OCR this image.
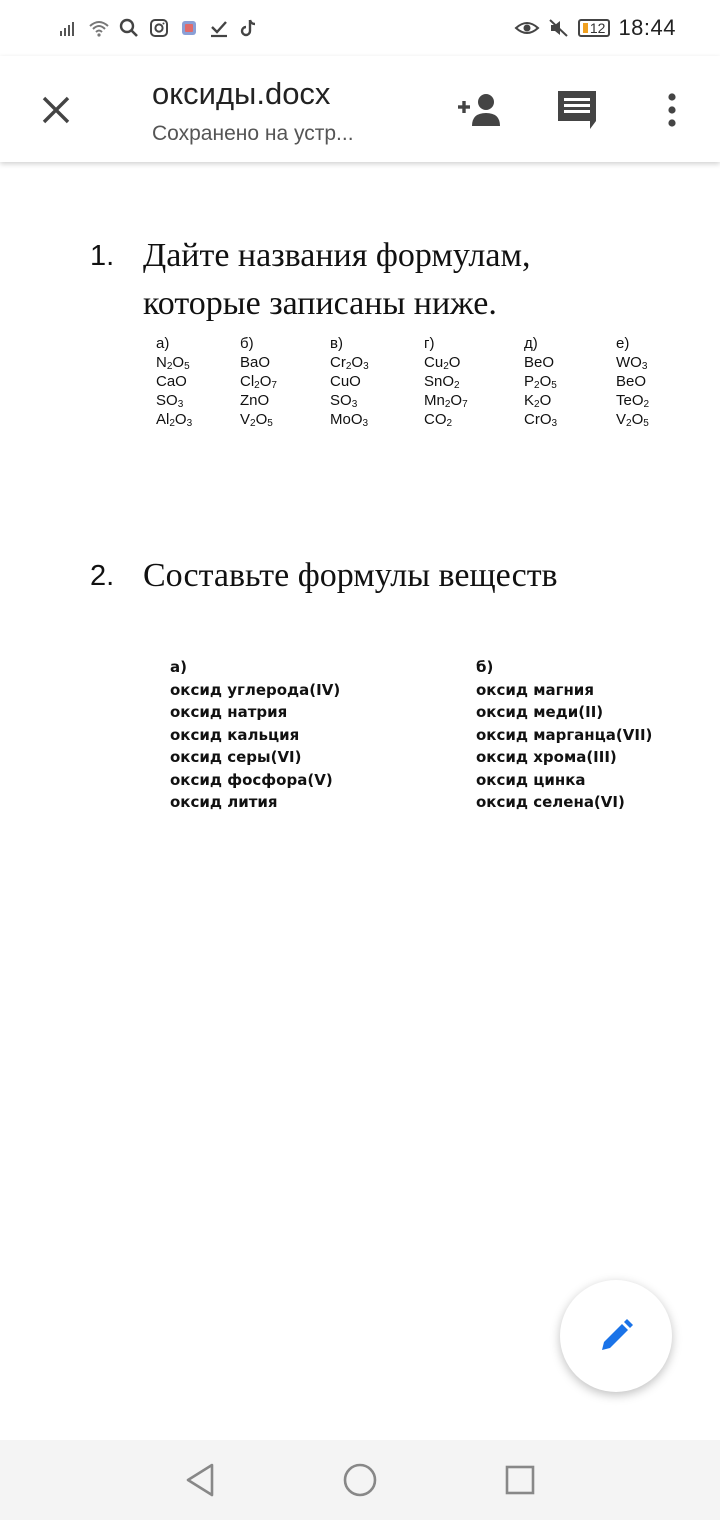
12 18:44
оксиды.docx
Сохранено на устр...
1. Дайте названия формулам,
которые записаны ниже.
а)
$N_2O_5$
CaO
$SO_3$
$Al_2O_3$
б)
BaO
$Cl_2O_7$
ZnO
$V_2O_5$
в)
$Cr_2O_3$
CuO
$SO_3$
MoO$_3$
г)
$Cu_2O$
SnO$_2$
$Mn_2O_7$
$CO_2$
д)
BeO
$P_2O_5$
$K_2O$
CrO$_3$
е)
$WO_3$
BeO
TeO$_2$
$V_2O_5$
2. Составьте формулы веществ
а)
оксид углерода(IV)
оксид натрия
оксид кальция
оксид серы(VI)
оксид фосфора(V)
оксид лития
б)
оксид магния
оксид меди(II)
оксид марганца(VII)
оксид хрома(III)
оксид цинка
оксид селена(VI)
